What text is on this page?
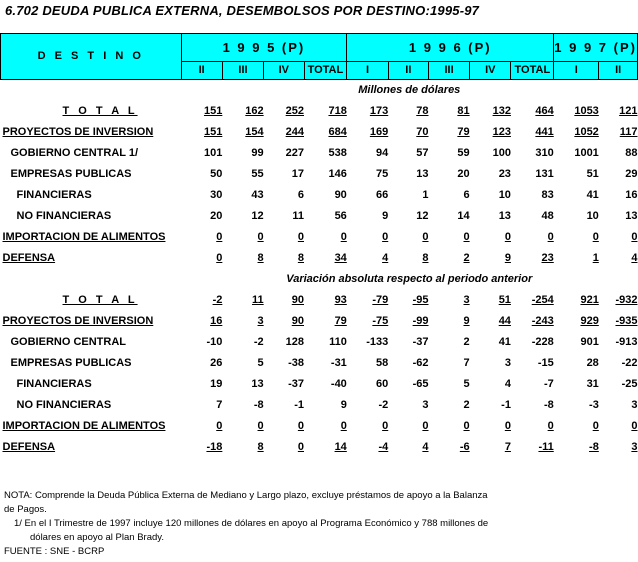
6.702 DEUDA PUBLICA EXTERNA, DESEMBOLSOS POR DESTINO:1995-97
D E S T I N O	1 9 9 5 (P)				1 9 9 6 (P)					1 9 9 7 (P)	
	II	III	IV	TOTAL	I	II	III	IV	TOTAL	I	II
	Millones de dólares										
T O T A L	151	162	252	718	173	78	81	132	464	1053	121
PROYECTOS DE INVERSION	151	154	244	684	169	70	79	123	441	1052	117
GOBIERNO CENTRAL 1/	101	99	227	538	94	57	59	100	310	1001	88
EMPRESAS PUBLICAS	50	55	17	146	75	13	20	23	131	51	29
FINANCIERAS	30	43	6	90	66	1	6	10	83	41	16
NO FINANCIERAS	20	12	11	56	9	12	14	13	48	10	13
IMPORTACION DE ALIMENTOS	0	0	0	0	0	0	0	0	0	0	0
DEFENSA	0	8	8	34	4	8	2	9	23	1	4
	Variación absoluta respecto al periodo anterior										
T O T A L	-2	11	90	93	-79	-95	3	51	-254	921	-932
PROYECTOS DE INVERSION	16	3	90	79	-75	-99	9	44	-243	929	-935
GOBIERNO CENTRAL	-10	-2	128	110	-133	-37	2	41	-228	901	-913
EMPRESAS PUBLICAS	26	5	-38	-31	58	-62	7	3	-15	28	-22
FINANCIERAS	19	13	-37	-40	60	-65	5	4	-7	31	-25
NO FINANCIERAS	7	-8	-1	9	-2	3	2	-1	-8	-3	3
IMPORTACION DE ALIMENTOS	0	0	0	0	0	0	0	0	0	0	0
DEFENSA	-18	8	0	14	-4	4	-6	7	-11	-8	3
NOTA: Comprende la Deuda Pública Externa de Mediano y Largo plazo, excluye préstamos de apoyo a la Balanza
de Pagos.
1/ En el I Trimestre de 1997 incluye 120 millones de dólares en apoyo al Programa Económico y 788 millones de
dólares en apoyo al Plan Brady.
FUENTE : SNE - BCRP
